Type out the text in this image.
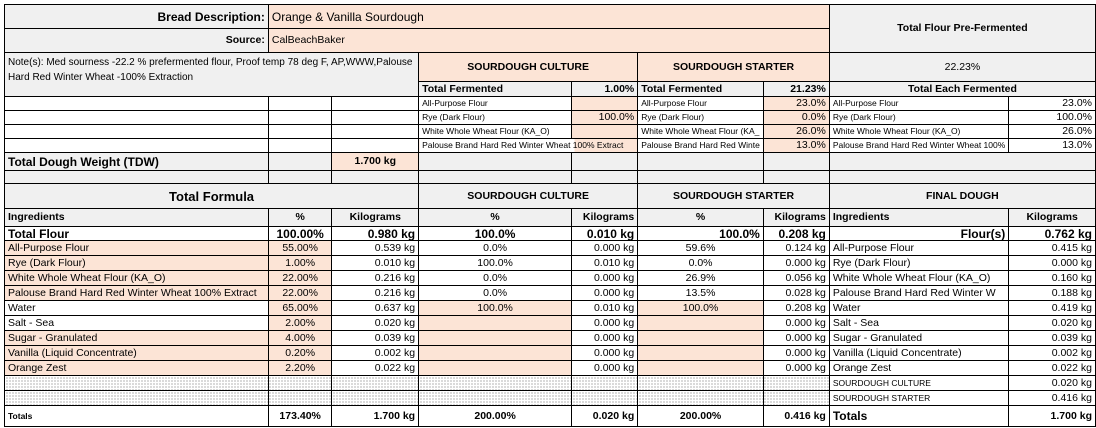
Bread Description:	Orange & Vanilla Sourdough						Total Flour Pre-Fermented	
Source:	CalBeachBaker							
Note(s): Med sourness -22.2 % prefermented flour, Proof temp 78 deg F, AP,WWW,Palouse Hard Red Winter Wheat -100% Extraction			SOURDOUGH CULTURE		SOURDOUGH STARTER		22.23%	
			Total Fermented	1.00%	Total Fermented	21.23%	Total Each Fermented	
			All-Purpose Flour		All-Purpose Flour	23.0%	All-Purpose Flour	23.0%
			Rye (Dark Flour)	100.0%	Rye (Dark Flour)	0.0%	Rye (Dark Flour)	100.0%
			White Whole Wheat Flour (KA_O)		White Whole Wheat Flour (KA_	26.0%	White Whole Wheat Flour (KA_O)	26.0%
			Palouse Brand Hard Red Winter Wheat 100% Extract		Palouse Brand Hard Red Winte	13.0%	Palouse Brand Hard Red Winter Wheat 100%	13.0%
Total Dough Weight (TDW)		1.700 kg						

Total Formula			SOURDOUGH CULTURE		SOURDOUGH STARTER		FINAL DOUGH	
Ingredients	%	Kilograms	%	Kilograms	%	Kilograms	Ingredients	Kilograms
Total Flour	100.00%	0.980 kg	100.0%	0.010 kg	100.0%	0.208 kg	Flour(s)	0.762 kg
All-Purpose Flour	55.00%	0.539 kg	0.0%	0.000 kg	59.6%	0.124 kg	All-Purpose Flour	0.415 kg
Rye (Dark Flour)	1.00%	0.010 kg	100.0%	0.010 kg	0.0%	0.000 kg	Rye (Dark Flour)	0.000 kg
White Whole Wheat Flour (KA_O)	22.00%	0.216 kg	0.0%	0.000 kg	26.9%	0.056 kg	White Whole Wheat Flour (KA_O)	0.160 kg
Palouse Brand Hard Red Winter Wheat 100% Extract	22.00%	0.216 kg	0.0%	0.000 kg	13.5%	0.028 kg	Palouse Brand Hard Red Winter W	0.188 kg
Water	65.00%	0.637 kg	100.0%	0.010 kg	100.0%	0.208 kg	Water	0.419 kg
Salt - Sea	2.00%	0.020 kg		0.000 kg		0.000 kg	Salt - Sea	0.020 kg
Sugar - Granulated	4.00%	0.039 kg		0.000 kg		0.000 kg	Sugar - Granulated	0.039 kg
Vanilla (Liquid Concentrate)	0.20%	0.002 kg		0.000 kg		0.000 kg	Vanilla (Liquid Concentrate)	0.002 kg
Orange Zest	2.20%	0.022 kg		0.000 kg		0.000 kg	Orange Zest	0.022 kg
							SOURDOUGH CULTURE	0.020 kg
							SOURDOUGH STARTER	0.416 kg
Totals	173.40%	1.700 kg	200.00%	0.020 kg	200.00%	0.416 kg	Totals	1.700 kg
